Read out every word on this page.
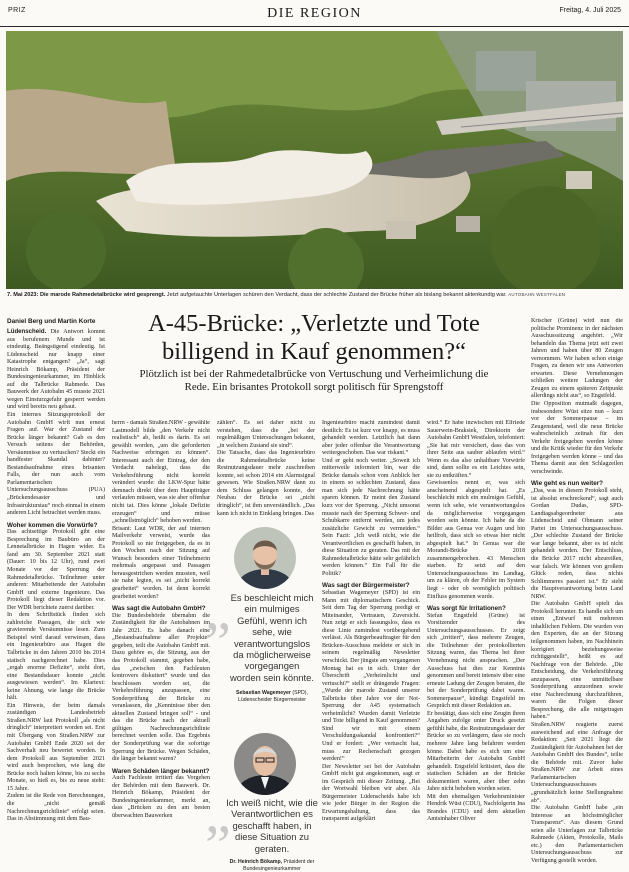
PRIZ	DIE REGION	Freitag, 4. Juli 2025
7. Mai 2023: Die marode Rahmedetalbrücke wird gesprengt. Jetzt aufgetauchte Unterlagen schüren den Verdacht, dass der schlechte Zustand der Brücke früher als bislang bekannt aktenkundig war. AUTOBAHN WESTFALEN
Daniel Berg und Martin Korte	A-45-Brücke: „Verletzte und Tote billigend in Kauf genommen?“
Plötzlich ist bei der Rahmedetalbrücke von Vertuschung und Verheimlichung die Rede. Ein brisantes Protokoll sorgt politisch für Sprengstoff

Lüdenscheid. Die Antwort kommt aus berufenem Munde und ist eindeutig. Beängstigend eindeutig. Ist Lüdenscheid nur knapp einer Katastrophe entgangen? „Ja“, sagt Heinrich Bökamp, Präsident der Bundesingenieurkammer, im Hinblick auf die Talbrücke Rahmede. Das Bauwerk der Autobahn 45 musste 2021 wegen Einsturzgefahr gesperrt werden und wird bereits neu gebaut.

Ein internes Sitzungsprotokoll der Autobahn GmbH wirft nun erneut Fragen auf. War der Zustand der Brücke länger bekannt? Gab es den Versuch seitens der Behörden, Versäumnisse zu vertuschen? Steckt ein handfester Skandal dahinter? Bestandsaufnahme eines brisanten Falls, der nun auch vom Parlamentarischen Untersuchungsausschuss (PUA) „Brückendesaster und Infrastrukturstau“ noch einmal in einem anderen Licht betrachtet werden muss.

Woher kommen die Vorwürfe?

Das achtseitige Protokoll gibt eine Besprechung im Baubüro an der Lennetalbrücke in Hagen wider. Es fand am 30. September 2021 statt (Dauer: 10 bis 12 Uhr), rund zwei Monate vor der Sperrung der Rahmedetalbrücke. Teilnehmer unter anderen: Mitarbeitende der Autobahn GmbH und externe Ingenieure. Das Protokoll liegt dieser Redaktion vor. Der WDR berichtete zuerst darüber.

In dem Schriftstück finden sich zahlreiche Passagen, die sich wie gravierende Versäumnisse lesen. Zum Beispiel wird darauf verwiesen, dass ein Ingenieurbüro aus Hagen die Talbrücke in den Jahren 2010 bis 2014 statisch nachgerechnet habe. Dies „ergab enorme Defizite“, steht dort, eine Bestandsdauer konnte „nicht ausgewiesen werden“. Im Klartext: keine Ahnung, wie lange die Brücke hält.

Ein Hinweis, der beim damals zuständigen Landesbetrieb Straßen.NRW laut Protokoll „als nicht dringlich“ interpretiert worden sei. Erst mit Übergang von Straßen.NRW zur Autobahn GmbH Ende 2020 sei der Sachverhalt neu bewertet worden. In dem Protokoll aus September 2021 wird auch besprochen, wie lang die Brücke noch halten könne, bis zu sechs Monate, so hieß es, bis zu neue steht: 15 Jahre.

Zudem ist die Rede von Berechnungen, die „nicht gemäß Nachrechnungsrichtlinie“ erfolgt seien. Das in Abstimmung mit dem Bau-

herrn - damals Straßen.NRW - gewählte Lastmodell bilde „den Verkehr nicht realistisch“ ab, heißt es darin. Es sei gewählt worden, „um die geforderten Nachweise erbringen zu können“. Interessant auch der Eintrag, der den Verdacht nahelegt, dass die Verkehrsführung nicht korrekt verändert wurde: die LKW-Spur hätte demnach direkt über dem Hauptträger verlaufen müssen, was sie aber offenbar nicht tat. Dies könne „lokale Defizite erzeugen“ und müsse „schnellstmöglich“ behoben werden.

Brisant: Laut WDR, der auf internen Mailverkehr verweist, wurde das Protokoll so nie freigegeben, da es in den Wochen nach der Sitzung auf Wunsch besonders einer Teilnehmerin mehrmals angepasst und Passagen herausgestrichen werden mussten, weil sie nahe legten, es sei „nicht korrekt gearbeitet“ worden. Ist denn korrekt gearbeitet worden?

Was sagt die Autobahn GmbH?

Die Bundesbehörde übernahm die Zuständigkeit für die Autobahnen im Jahr 2021. Es habe danach eine „Bestandsaufnahme aller Projekte“ gegeben, teilt die Autobahn GmbH mit. Dazu gehöre es, die Sitzung, aus der das Protokoll stammt, gegeben habe, das „zwischen den Fachleuten kontrovers diskutiert“ wurde und das beschlossen worden sei, die Verkehrsführung anzupassen, eine Sonderprüfung der Brücke zu veranlassen, die „Kenntnisse über den aktuellen Zustand bringen soll“ - und das die Brücke nach der aktuell gültigen Nachrechnungsrichtlinie berechnet werden solle. Das Ergebnis der Sonderprüfung war die sofortige Sperrung der Brücke. Wegen Schäden, die länger bekannt waren?

Waren Schäden länger bekannt?

Auch Fachleute irritiert das Vorgehen der Behörden mit dem Bauwerk. Dr. Heinrich Bökamp, Präsident der Bundesingenieurkammer, merkt an, dass „Brücken zu den am besten überwachten Bauwerken

zählen“. Es sei daher nicht zu verstehen, dass die „bei der regelmäßigen Untersuchungen bekannt, „in welchem Zustand sie sind“.

Die Tatsache, dass das Ingenieurbüro die Rahmedetalbrücke keine Restnutzungsdauer mehr zuschreiben konnte, sei schon 2014 ein Alarmsignal gewesen. Wie Straßen.NRW dann zu dem Schluss gelangen konnte, der Neubau der Brücke sei „nicht dringlich“, ist ihm unverständlich. „Das kann ich nicht in Einklang bringen. Das

„ Es beschleicht mich ein mulmiges Gefühl, wenn ich sehe, wie verantwortungslos da möglicherweise vorgegangen worden sein könnte.
Sebastian Wagemeyer (SPD), Lüdenscheider Bürgermeister
„
Ich weiß nicht, wie die Verantwortlichen es geschafft haben, in diese Situation zu geraten.
Dr. Heinrich Bökamp, Präsident der Bundesingenieurkammer

Ingenieurbüro macht zumindest damit deutlich: Es ist kurz vor knapp, es muss gehandelt werden. Letztlich hat dann aber jeder offenbar die Verantwortung weitergeschoben. Das war riskant.“

Und er geht noch weiter. „Soweit ich mitterweile informiert bin, war die Brücke damals schon vom Anblick her in einem so schlechten Zustand, dass man sich jede Nachrechnung hätte sparen können. Er meint den Zustand kurz vor der Sperrung. „Nicht umsonst musste nach der Sperrung Schwer- und Schubkarre entfernt werden, um jedes zusätzliche Gewicht zu vermeiden.“ Sein Fazit: „Ich weiß nicht, wie die Verantwortlichen es geschafft haben, in diese Situation zu geraten. Das mit der Rahmedetalbrücke hätte sehr gefährlich werden können.“ Ein Fall für die Politik?

Was sagt der Bürgermeister?

Sebastian Wagemeyer (SPD) ist ein Mann mit diplomatischem Geschick. Seit dem Tag der Sperrung predigt er Miteinander, Vertrauen, Zuversicht. Nun zeigt er sich fassungslos, dass es diese Linie zumindest vorübergehend verlässt. Als Bürgerbeauftragter für den Brücken-Ausschuss meldete er sich in seinem regelmäßig Newsletter verschickt. Der jüngste am vergangenen Montag hat es in sich. Unter der Überschrift „Verheimlicht und vertuscht?“ stellt er drängende Fragen: „Wurde der marode Zustand unserer Talbrücke über Jahre vor der Not-Sperrung der A45 systematisch verheimlicht? Wurden damit Verletzte und Tote billigend in Kauf genommen? Sind wir mit einem Verschuldungsskandal konfrontiert?“ Und er fordert: „Wer vertuscht hat, muss zur Rechenschaft gezogen werden!“

Der Newsletter sei bei der Autobahn GmbH nicht gut angekommen, sagt er im Gespräch mit dieser Zeitung. „Bei der Wortwahl bleiben wir aber. Als Bürgermeister Lüdenscheids habe ich wie jeder Bürger in der Region die Erwartungshaltung, dass das transparent aufgeklärt

wird.“ Er habe inzwischen mit Elfriede Sauerwein-Braksiek, Direktorin der Autobahn GmbH Westfalen, telefoniert: „Sie hat mir versichert, dass das von ihrer Seite aus sauber ablaufen wird.“ Wenn es das also unhaltbare Vorwürfe sind, dann sollte es ein Leichtes sein, sie zu entkräften.“

Gewissenlos nennt er, was sich anscheinend abgespielt hat. „Es beschleicht mich ein mulmiges Gefühl, wenn ich sehe, wie verantwortungslos da möglicherweise vorgegangen worden sein könnte. Ich habe da die Bilder aus Genua vor Augen und bin heilfroh, dass sich so etwas hier nicht abgespielt hat.“ In Genua war die Morandi-Brücke 2018 zusammengebrochen. 43 Menschen starben. Er setzt auf den Untersuchungsausschuss im Landtag, um zu klären, ob der Fehler im System liegt - oder ob womöglich politisch Einfluss genommen wurde.

Was sorgt für Irritationen?

Stefan Engstfeld (Grüne) ist Vorsitzender des Untersuchungsausschusses. Er zeigt sich „irritiert“, dass mehrere Zeugen, die Teilnehmer der protokollierten Sitzung waren, das Thema bei ihrer Vernehmung nicht ansprachen. „Der Ausschuss hat dies zur Kenntnis genommen und bereit intensiv über eine erneute Ladung der Zeugen beraten, die bei der Sonderprüfung dabei waren. Sommerpause“, kündigt Engstfeld im Gespräch mit dieser Redaktion an.

Er bestätigt, dass sich eine Zeugin ihren Angaben zufolge unter Druck gesetzt gefühlt habe, die Restnutzungsdauer der Brücke so zu verlängern, dass sie noch mehrere Jahre lang befahren werden könne. Dabei habe es sich um eine Mitarbeiterin der Autobahn GmbH gehandelt. Engstfeld kritisiert, dass die statischen Schäden an der Brücke dokumentiert waren, aber über zehn Jahre nicht behoben worden seien.

Mit den ehemaligen Verkehrsminister Hendrik Wüst (CDU), Nachfolgerin Ina Brandes (CDU) und dem aktuellen Amtsinhaber Oliver

Krischer (Grüne) wird nun die politische Prominenz in der nächsten Ausschusssitzung angehört. „Wir behandeln das Thema jetzt seit zwei Jahren und haben über 80 Zeugen vernommen. Wir haben schon einige Fragen, zu denen wir uns Antworten erwarten. Diese Vernehmungen schließen weitere Ladungen der Zeugen zu einem späteren Zeitpunkt allerdings nicht aus“, so Engstfeld.

Die Opposition mutmaßt dagegen, insbesondere Wüst sitze nun – kurz vor der Sommerpause – im Zeugenstand, weil die neue Brücke wahrscheinlich zeitnah für den Verkehr freigegeben werden könne und die Kritik wieder für den Verkehr freigegeben werden könne – und das Thema damit aus den Schlagzeilen verschwinde.

Wie geht es nun weiter?

„Das, was in diesem Protokoll steht, ist absolut erschreckend“, sagt auch Gordan Dudas, SPD-Landtagsabgeordneter aus Lüdenscheid und Obmann seiner Partei im Untersuchungsausschuss. „Der schlechte Zustand der Brücke war lange bekannt, aber es ist nicht gehandelt worden. Der Entschluss, die Brücke 2017 nicht abzureißen, war falsch. Wir können von großem Glück reden, dass nichts Schlimmeres passiert ist.“ Er sieht die Hauptverantwortung beim Land NRW.

Die Autobahn GmbH spielt das Protokoll herunter. Es handle sich um einen „Entwurf mit mehreren inhaltlichen Fehlern. Die wurden von den Experten, die an der Sitzung teilgenommen haben, im Nachhinein korrigiert beziehungsweise richtiggestellt“, heißt es auf Nachfrage von der Behörde. „Die Entscheidung, die Verkehrsführung anzupassen, eine unmittelbare Sonderprüfung anzuordnen sowie eine Nachrechnung durchzuführen, waren die Folgen dieser Besprechung, die alle mitgetragen haben.“

Straßen.NRW reagierte zuerst ausweichend auf eine Anfrage der Redaktion: „Seit 2021 liegt die Zuständigkeit für Autobahnen bei der Autobahn GmbH des Bundes“, teilte die Behörde mit. Zuvor habe Straßen.NRW zur Arbeit eines Parlamentarischen Untersuchungsausschusses „grundsätzlich keine Stellungnahme ab“.

Die Autobahn GmbH habe „ein Interesse an höchstmöglicher Transparenz“. Aus diesem Grund seien alle Unterlagen zur Talbrücke Rahmede (Akten, Protokolle, Mails etc.) den Parlamentarischen Untersuchungsausschuss zur Verfügung gestellt worden.
